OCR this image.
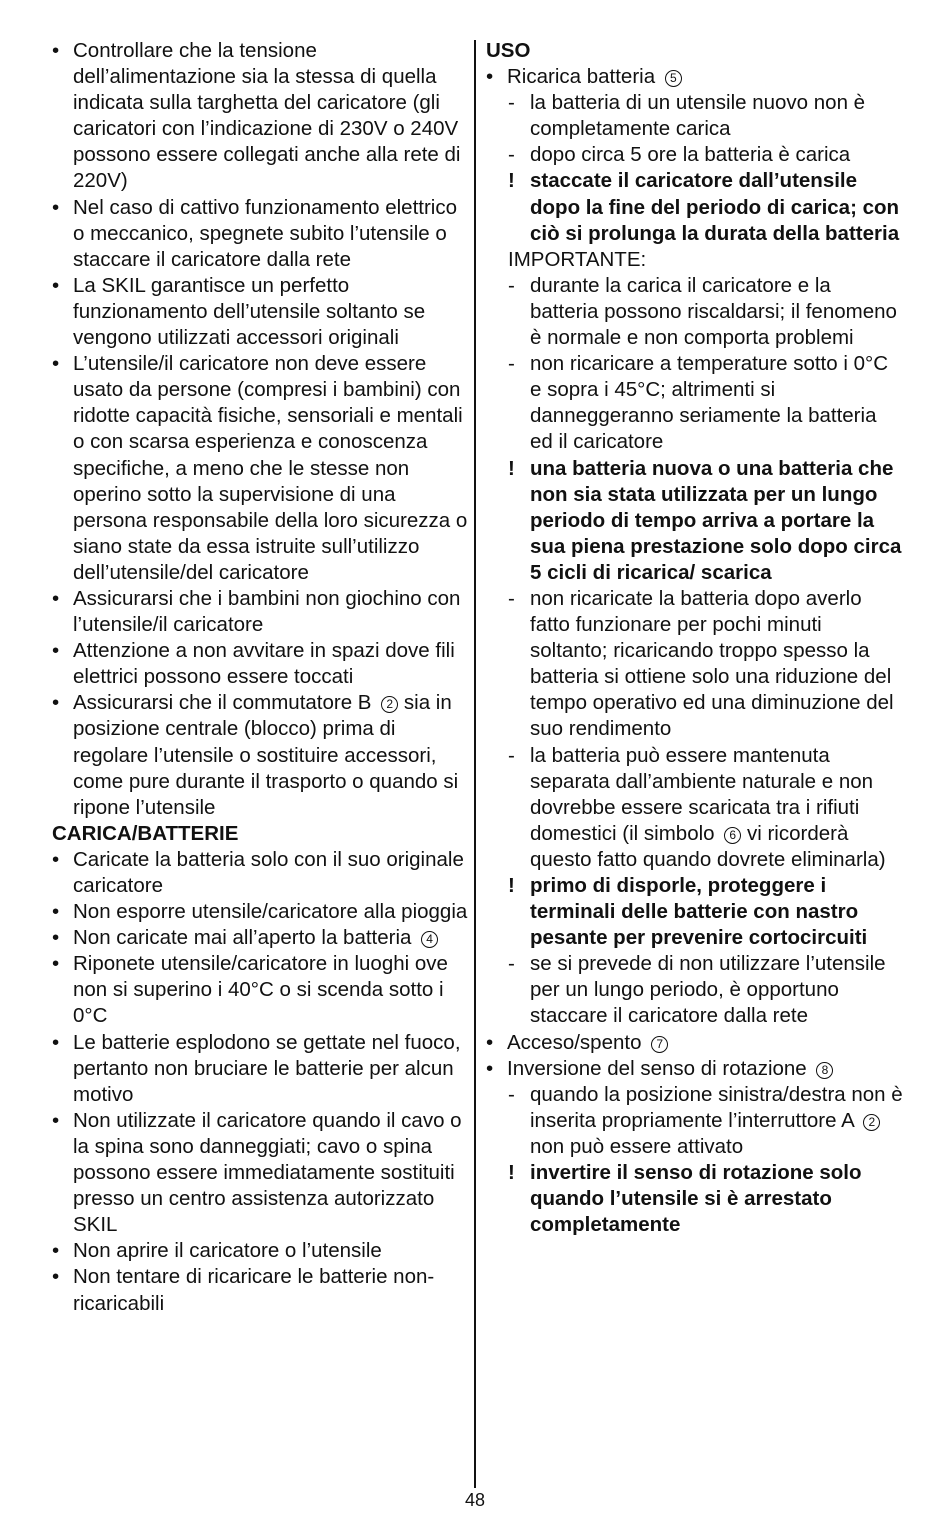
• Controllare che la tensione dell’alimentazione sia la stessa di quella indicata sulla targhetta del caricatore (gli caricatori con l’indicazione di 230V o 240V possono essere collegati anche alla rete di 220V)
• Nel caso di cattivo funzionamento elettrico o meccanico, spegnete subito l’utensile o staccare il caricatore dalla rete
• La SKIL garantisce un perfetto funzionamento dell’utensile soltanto se vengono utilizzati accessori originali
• L’utensile/il caricatore non deve essere usato da persone (compresi i bambini) con ridotte capacità fisiche, sensoriali e mentali o con scarsa esperienza e conoscenza specifiche, a meno che le stesse non operino sotto la supervisione di una persona responsabile della loro sicurezza o siano state da essa istruite sull’utilizzo dell’utensile/del caricatore
• Assicurarsi che i bambini non giochino con l’utensile/il caricatore
• Attenzione a non avvitare in spazi dove fili elettrici possono essere toccati
• Assicurarsi che il commutatore B 2 sia in posizione centrale (blocco) prima di regolare l’utensile o sostituire accessori, come pure durante il trasporto o quando si ripone l’utensile
CARICA/BATTERIE
• Caricate la batteria solo con il suo originale caricatore
• Non esporre utensile/caricatore alla pioggia
• Non caricate mai all’aperto la batteria 4
• Riponete utensile/caricatore in luoghi ove non si superino i 40°C o si scenda sotto i 0°C
• Le batterie esplodono se gettate nel fuoco, pertanto non bruciare le batterie per alcun motivo
• Non utilizzate il caricatore quando il cavo o la spina sono danneggiati; cavo o spina possono essere immediatamente sostituiti presso un centro assistenza autorizzato SKIL
• Non aprire il caricatore o l’utensile
• Non tentare di ricaricare le batterie non-ricaricabili
USO
• Ricarica batteria 5
- la batteria di un utensile nuovo non è completamente carica
- dopo circa 5 ore la batteria è carica
! staccate il caricatore dall’utensile dopo la fine del periodo di carica; con ciò si prolunga la durata della batteria
IMPORTANTE:
- durante la carica il caricatore e la batteria possono riscaldarsi; il fenomeno è normale e non comporta problemi
- non ricaricare a temperature sotto i 0°C e sopra i 45°C; altrimenti si danneggeranno seriamente la batteria ed il caricatore
! una batteria nuova o una batteria che non sia stata utilizzata per un lungo periodo di tempo arriva a portare la sua piena prestazione solo dopo circa 5 cicli di ricarica/ scarica
- non ricaricate la batteria dopo averlo fatto funzionare per pochi minuti soltanto; ricaricando troppo spesso la batteria si ottiene solo una riduzione del tempo operativo ed una diminuzione del suo rendimento
- la batteria può essere mantenuta separata dall’ambiente naturale e non dovrebbe essere scaricata tra i rifiuti domestici (il simbolo 6 vi ricorderà questo fatto quando dovrete eliminarla)
! primo di disporle, proteggere i terminali delle batterie con nastro pesante per prevenire cortocircuiti
- se si prevede di non utilizzare l’utensile per un lungo periodo, è opportuno staccare il caricatore dalla rete
• Acceso/spento 7
• Inversione del senso di rotazione 8
- quando la posizione sinistra/destra non è inserita propriamente l’interruttore A 2 non può essere attivato
! invertire il senso di rotazione solo quando l’utensile si è arrestato completamente
48
